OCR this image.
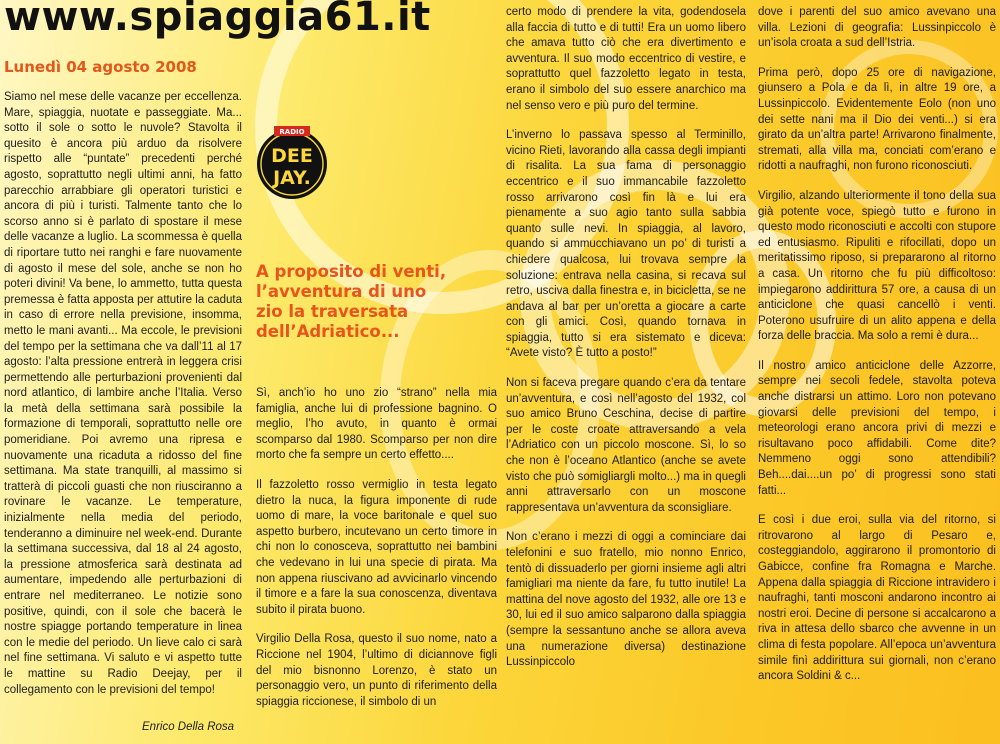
www.spiaggia61.it
Lunedì 04 agosto 2008

Siamo nel mese delle vacanze per eccellenza. Mare, spiaggia, nuotate e passeggiate. Ma... sotto il sole o sotto le nuvole? Stavolta il quesito è ancora più arduo da risolvere rispetto alle “puntate” precedenti perché agosto, soprattutto negli ultimi anni, ha fatto parecchio arrabbiare gli operatori turistici e ancora di più i turisti. Talmente tanto che lo scorso anno si è parlato di spostare il mese delle vacanze a luglio. La scommessa è quella di riportare tutto nei ranghi e fare nuovamente di agosto il mese del sole, anche se non ho poteri divini! Va bene, lo ammetto, tutta questa premessa è fatta apposta per attutire la caduta in caso di errore nella previsione, insomma, metto le mani avanti... Ma eccole, le previsioni del tempo per la settimana che va dall’11 al 17 agosto: l’alta pressione entrerà in leggera crisi permettendo alle perturbazioni provenienti dal nord atlantico, di lambire anche l’Italia. Verso la metà della settimana sarà possibile la formazione di temporali, soprattutto nelle ore pomeridiane. Poi avremo una ripresa e nuovamente una ricaduta a ridosso del fine settimana. Ma state tranquilli, al massimo si tratterà di piccoli guasti che non riusciranno a rovinare le vacanze. Le temperature, inizialmente nella media del periodo, tenderanno a diminuire nel week-end. Durante la settimana successiva, dal 18 al 24 agosto, la pressione atmosferica sarà destinata ad aumentare, impedendo alle perturbazioni di entrare nel mediterraneo. Le notizie sono positive, quindi, con il sole che bacerà le nostre spiagge portando temperature in linea con le medie del periodo. Un lieve calo ci sarà nel fine settimana. Vi saluto e vi aspetto tutte le mattine su Radio Deejay, per il collegamento con le previsioni del tempo!

Enrico Della Rosa

RADIO
DEE
JAY.
A proposito di venti, l’avventura di uno zio la traversata dell’Adriatico...

Sì, anch’io ho uno zio “strano” nella mia famiglia, anche lui di professione bagnino. O meglio, l’ho avuto, in quanto è ormai scomparso dal 1980. Scomparso per non dire morto che fa sempre un certo effetto....

Il fazzoletto rosso vermiglio in testa legato dietro la nuca, la figura imponente di rude uomo di mare, la voce baritonale e quel suo aspetto burbero, incutevano un certo timore in chi non lo conosceva, soprattutto nei bambini che vedevano in lui una specie di pirata. Ma non appena riuscivano ad avvicinarlo vincendo il timore e a fare la sua conoscenza, diventava subito il pirata buono.

Virgilio Della Rosa, questo il suo nome, nato a Riccione nel 1904, l’ultimo di diciannove figli del mio bisnonno Lorenzo, è stato un personaggio vero, un punto di riferimento della spiaggia riccionese, il simbolo di un

certo modo di prendere la vita, godendosela alla faccia di tutto e di tutti! Era un uomo libero che amava tutto ciò che era divertimento e avventura. Il suo modo eccentrico di vestire, e soprattutto quel fazzoletto legato in testa, erano il simbolo del suo essere anarchico ma nel senso vero e più puro del termine.

L’inverno lo passava spesso al Terminillo, vicino Rieti, lavorando alla cassa degli impianti di risalita. La sua fama di personaggio eccentrico e il suo immancabile fazzoletto rosso arrivarono così fin là e lui era pienamente a suo agio tanto sulla sabbia quanto sulle nevi. In spiaggia, al lavoro, quando si ammucchiavano un po’ di turisti a chiedere qualcosa, lui trovava sempre la soluzione: entrava nella casina, si recava sul retro, usciva dalla finestra e, in bicicletta, se ne andava al bar per un’oretta a giocare a carte con gli amici. Così, quando tornava in spiaggia, tutto si era sistemato e diceva: “Avete visto? È tutto a posto!”

Non si faceva pregare quando c’era da tentare un’avventura, e così nell’agosto del 1932, col suo amico Bruno Ceschina, decise di partire per le coste croate attraversando a vela l’Adriatico con un piccolo moscone. Sì, lo so che non è l’oceano Atlantico (anche se avete visto che può somigliargli molto...) ma in quegli anni attraversarlo con un moscone rappresentava un’avventura da sconsigliare.

Non c’erano i mezzi di oggi a cominciare dai telefonini e suo fratello, mio nonno Enrico, tentò di dissuaderlo per giorni insieme agli altri famigliari ma niente da fare, fu tutto inutile! La mattina del nove agosto del 1932, alle ore 13 e 30, lui ed il suo amico salparono dalla spiaggia (sempre la sessantuno anche se allora aveva una numerazione diversa) destinazione Lussinpiccolo

dove i parenti del suo amico avevano una villa. Lezioni di geografia: Lussinpiccolo è un’isola croata a sud dell’Istria.

Prima però, dopo 25 ore di navigazione, giunsero a Pola e da lì, in altre 19 ore, a Lussinpiccolo. Evidentemente Eolo (non uno dei sette nani ma il Dio dei venti...) si era girato da un’altra parte! Arrivarono finalmente, stremati, alla villa ma, conciati com’erano e ridotti a naufraghi, non furono riconosciuti.

Virgilio, alzando ulteriormente il tono della sua già potente voce, spiegò tutto e furono in questo modo riconosciuti e accolti con stupore ed entusiasmo. Ripuliti e rifocillati, dopo un meritatissimo riposo, si prepararono al ritorno a casa. Un ritorno che fu più difficoltoso: impiegarono addirittura 57 ore, a causa di un anticiclone che quasi cancellò i venti. Poterono usufruire di un alito appena e della forza delle braccia. Ma solo a remi è dura...

Il nostro amico anticiclone delle Azzorre, sempre nei secoli fedele, stavolta poteva anche distrarsi un attimo. Loro non potevano giovarsi delle previsioni del tempo, i meteorologi erano ancora privi di mezzi e risultavano poco affidabili. Come dite? Nemmeno oggi sono attendibili? Beh....dai....un po’ di progressi sono stati fatti...

E così i due eroi, sulla via del ritorno, si ritrovarono al largo di Pesaro e, costeggiandolo, aggirarono il promontorio di Gabicce, confine fra Romagna e Marche. Appena dalla spiaggia di Riccione intravidero i naufraghi, tanti mosconi andarono incontro ai nostri eroi. Decine di persone si accalcarono a riva in attesa dello sbarco che avvenne in un clima di festa popolare. All’epoca un’avventura simile finì addirittura sui giornali, non c’erano ancora Soldini & c...
